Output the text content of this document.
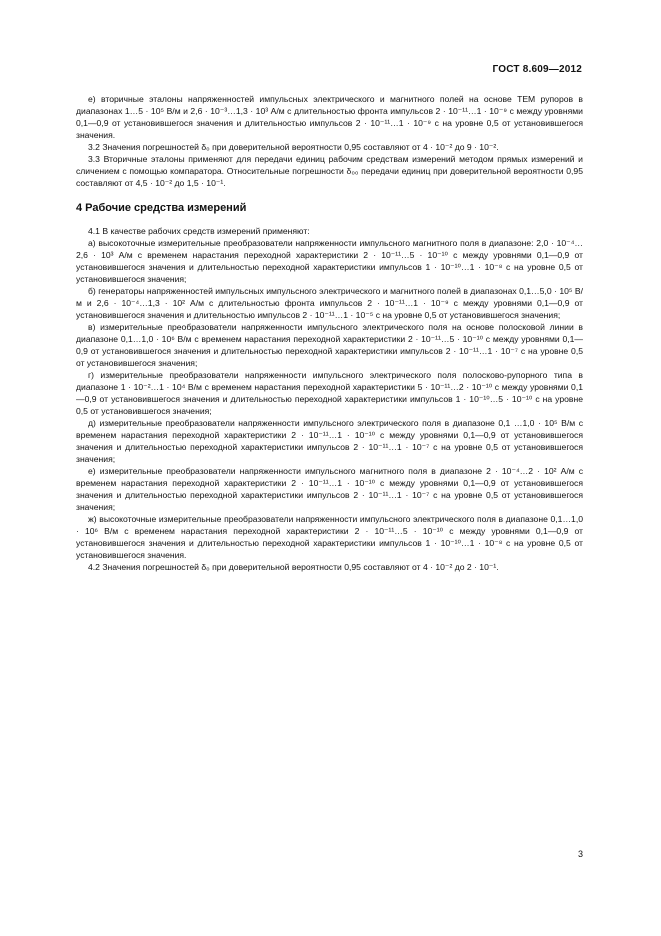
ГОСТ 8.609—2012

е) вторичные эталоны напряженностей импульсных электрического и магнитного полей на основе ТЕМ рупоров в диапазонах 1…5 · 10⁵ В/м и 2,6 · 10⁻³…1,3 · 10³ А/м с длительностью фронта импульсов 2 · 10⁻¹¹…1 · 10⁻⁹ с между уровнями 0,1—0,9 от установившегося значения и длительностью импульсов 2 · 10⁻¹¹…1 · 10⁻⁹ с на уровне 0,5 от установившегося значения.

3.2 Значения погрешностей δ₀ при доверительной вероятности 0,95 составляют от 4 · 10⁻² до 9 · 10⁻².

3.3 Вторичные эталоны применяют для передачи единиц рабочим средствам измерений методом прямых измерений и сличением с помощью компаратора. Относительные погрешности δ₀₀ передачи единиц при доверительной вероятности 0,95 составляют от 4,5 · 10⁻² до 1,5 · 10⁻¹.

4 Рабочие средства измерений

4.1 В качестве рабочих средств измерений применяют:

а) высокоточные измерительные преобразователи напряженности импульсного магнитного поля в диапазоне: 2,0 · 10⁻⁴…2,6 · 10³ А/м с временем нарастания переходной характеристики 2 · 10⁻¹¹…5 · 10⁻¹⁰ с между уровнями 0,1—0,9 от установившегося значения и длительностью переходной характеристики импульсов 1 · 10⁻¹⁰…1 · 10⁻⁸ с на уровне 0,5 от установившегося значения;

б) генераторы напряженностей импульсных импульсного электрического и магнитного полей в диапазонах 0,1…5,0 · 10⁵ В/м и 2,6 · 10⁻⁴…1,3 · 10² А/м с длительностью фронта импульсов 2 · 10⁻¹¹…1 · 10⁻⁹ с между уровнями 0,1—0,9 от установившегося значения и длительностью импульсов 2 · 10⁻¹¹…1 · 10⁻⁵ с на уровне 0,5 от установившегося значения;

в) измерительные преобразователи напряженности импульсного электрического поля на основе полосковой линии в диапазоне 0,1…1,0 · 10⁶ В/м с временем нарастания переходной характеристики 2 · 10⁻¹¹…5 · 10⁻¹⁰ с между уровнями 0,1—0,9 от установившегося значения и длительностью переходной характеристики импульсов 2 · 10⁻¹¹…1 · 10⁻⁷ с на уровне 0,5 от установившегося значения;

г) измерительные преобразователи напряженности импульсного электрического поля полосково-рупорного типа в диапазоне 1 · 10⁻²…1 · 10⁴ В/м с временем нарастания переходной характеристики 5 · 10⁻¹¹…2 · 10⁻¹⁰ с между уровнями 0,1—0,9 от установившегося значения и длительностью переходной характеристики импульсов 1 · 10⁻¹⁰…5 · 10⁻¹⁰ с на уровне 0,5 от установившегося значения;

д) измерительные преобразователи напряженности импульсного электрического поля в диапазоне 0,1 …1,0 · 10⁵ В/м с временем нарастания переходной характеристики 2 · 10⁻¹¹…1 · 10⁻¹⁰ с между уровнями 0,1—0,9 от установившегося значения и длительностью переходной характеристики импульсов 2 · 10⁻¹¹…1 · 10⁻⁷ с на уровне 0,5 от установившегося значения;

е) измерительные преобразователи напряженности импульсного магнитного поля в диапазоне 2 · 10⁻⁴…2 · 10² А/м с временем нарастания переходной характеристики 2 · 10⁻¹¹…1 · 10⁻¹⁰ с между уровнями 0,1—0,9 от установившегося значения и длительностью переходной характеристики импульсов 2 · 10⁻¹¹…1 · 10⁻⁷ с на уровне 0,5 от установившегося значения;

ж) высокоточные измерительные преобразователи напряженности импульсного электрического поля в диапазоне 0,1…1,0 · 10⁶ В/м с временем нарастания переходной характеристики 2 · 10⁻¹¹…5 · 10⁻¹⁰ с между уровнями 0,1—0,9 от установившегося значения и длительностью переходной характеристики импульсов 1 · 10⁻¹⁰…1 · 10⁻⁸ с на уровне 0,5 от установившегося значения.

4.2 Значения погрешностей δ₀ при доверительной вероятности 0,95 составляют от 4 · 10⁻² до 2 · 10⁻¹.

3
